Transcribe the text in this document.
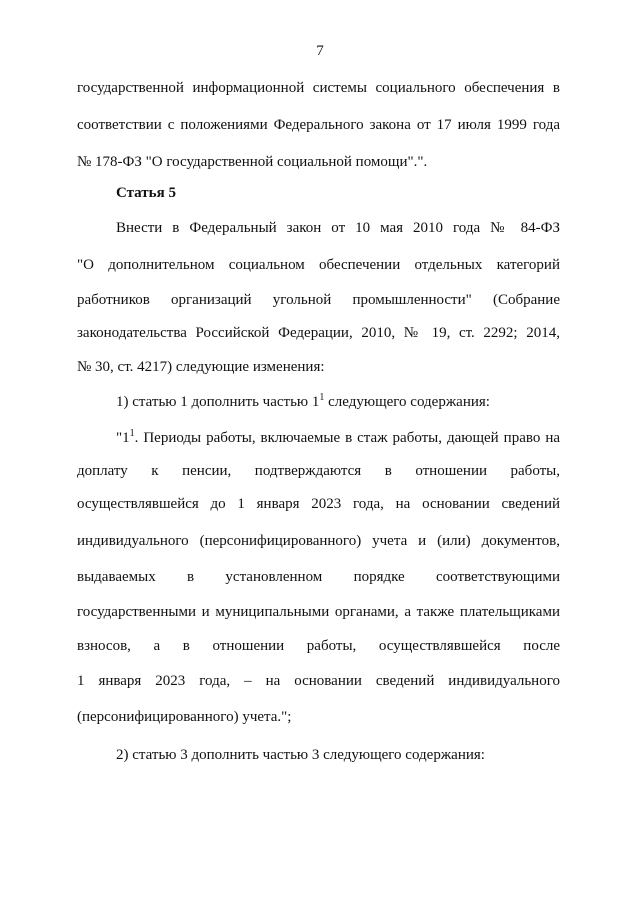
7
государственной информационной системы социального обеспечения в
соответствии с положениями Федерального закона от 17 июля 1999 года
№ 178-ФЗ "О государственной социальной помощи".".
Статья 5
Внести в Федеральный закон от 10 мая 2010 года № 84-ФЗ
"О дополнительном социальном обеспечении отдельных категорий
работников организаций угольной промышленности" (Собрание
законодательства Российской Федерации, 2010, № 19, ст. 2292; 2014,
№ 30, ст. 4217) следующие изменения:
1) статью 1 дополнить частью $1^1$ следующего содержания:
"$1^1$. Периоды работы, включаемые в стаж работы, дающей право на
доплату к пенсии, подтверждаются в отношении работы,
осуществлявшейся до 1 января 2023 года, на основании сведений
индивидуального (персонифицированного) учета и (или) документов,
выдаваемых в установленном порядке соответствующими
государственными и муниципальными органами, а также плательщиками
взносов, а в отношении работы, осуществлявшейся после
1 января 2023 года, – на основании сведений индивидуального
(персонифицированного) учета.";
2) статью 3 дополнить частью 3 следующего содержания:
